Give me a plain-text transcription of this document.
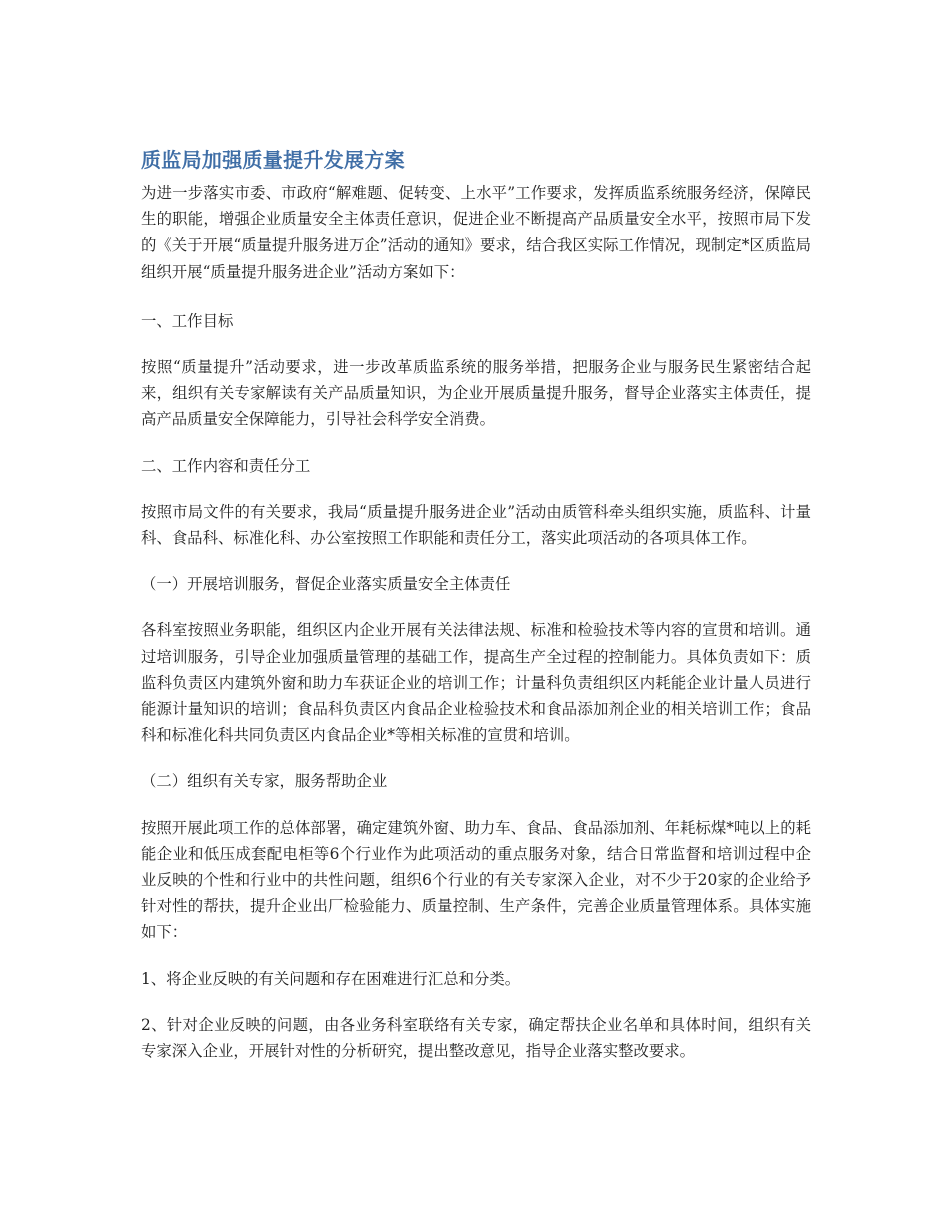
质监局加强质量提升发展方案

为进一步落实市委、市政府“解难题、促转变、上水平”工作要求，发挥质监系统服务经济，保障民生的职能，增强企业质量安全主体责任意识，促进企业不断提高产品质量安全水平，按照市局下发的《关于开展“质量提升服务进万企”活动的通知》要求，结合我区实际工作情况，现制定*区质监局组织开展“质量提升服务进企业”活动方案如下：

一、工作目标

按照“质量提升”活动要求，进一步改革质监系统的服务举措，把服务企业与服务民生紧密结合起来，组织有关专家解读有关产品质量知识，为企业开展质量提升服务，督导企业落实主体责任，提高产品质量安全保障能力，引导社会科学安全消费。

二、工作内容和责任分工

按照市局文件的有关要求，我局“质量提升服务进企业”活动由质管科牵头组织实施，质监科、计量科、食品科、标准化科、办公室按照工作职能和责任分工，落实此项活动的各项具体工作。

（一）开展培训服务，督促企业落实质量安全主体责任

各科室按照业务职能，组织区内企业开展有关法律法规、标准和检验技术等内容的宣贯和培训。通过培训服务，引导企业加强质量管理的基础工作，提高生产全过程的控制能力。具体负责如下：质监科负责区内建筑外窗和助力车获证企业的培训工作；计量科负责组织区内耗能企业计量人员进行能源计量知识的培训；食品科负责区内食品企业检验技术和食品添加剂企业的相关培训工作；食品科和标准化科共同负责区内食品企业*等相关标准的宣贯和培训。

（二）组织有关专家，服务帮助企业

按照开展此项工作的总体部署，确定建筑外窗、助力车、食品、食品添加剂、年耗标煤*吨以上的耗能企业和低压成套配电柜等6个行业作为此项活动的重点服务对象，结合日常监督和培训过程中企业反映的个性和行业中的共性问题，组织6个行业的有关专家深入企业，对不少于20家的企业给予针对性的帮扶，提升企业出厂检验能力、质量控制、生产条件，完善企业质量管理体系。具体实施如下：

1、将企业反映的有关问题和存在困难进行汇总和分类。

2、针对企业反映的问题，由各业务科室联络有关专家，确定帮扶企业名单和具体时间，组织有关专家深入企业，开展针对性的分析研究，提出整改意见，指导企业落实整改要求。
